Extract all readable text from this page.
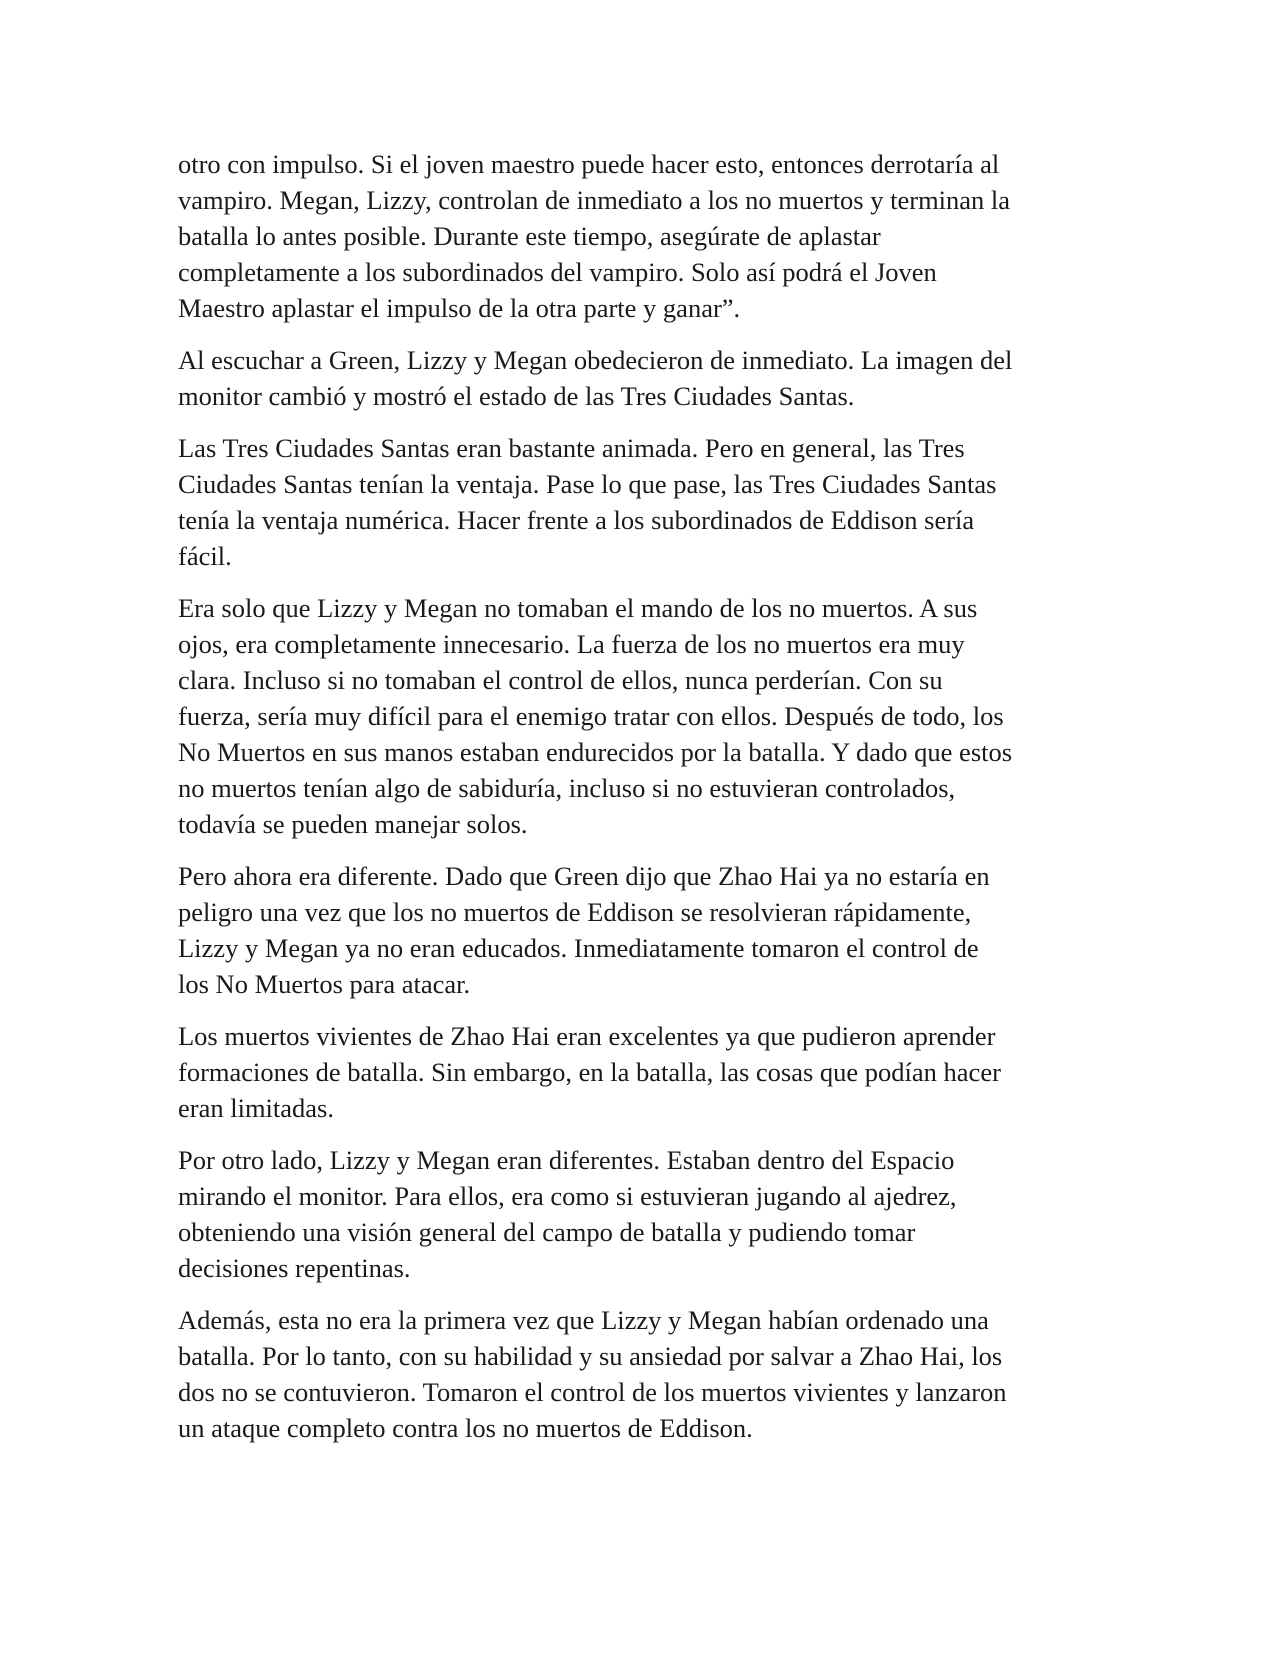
otro con impulso. Si el joven maestro puede hacer esto, entonces derrotaría al
vampiro. Megan, Lizzy, controlan de inmediato a los no muertos y terminan la
batalla lo antes posible. Durante este tiempo, asegúrate de aplastar
completamente a los subordinados del vampiro. Solo así podrá el Joven
Maestro aplastar el impulso de la otra parte y ganar”.

Al escuchar a Green, Lizzy y Megan obedecieron de inmediato. La imagen del
monitor cambió y mostró el estado de las Tres Ciudades Santas.

Las Tres Ciudades Santas eran bastante animada. Pero en general, las Tres
Ciudades Santas tenían la ventaja. Pase lo que pase, las Tres Ciudades Santas
tenía la ventaja numérica. Hacer frente a los subordinados de Eddison sería
fácil.

Era solo que Lizzy y Megan no tomaban el mando de los no muertos. A sus
ojos, era completamente innecesario. La fuerza de los no muertos era muy
clara. Incluso si no tomaban el control de ellos, nunca perderían. Con su
fuerza, sería muy difícil para el enemigo tratar con ellos. Después de todo, los
No Muertos en sus manos estaban endurecidos por la batalla. Y dado que estos
no muertos tenían algo de sabiduría, incluso si no estuvieran controlados,
todavía se pueden manejar solos.

Pero ahora era diferente. Dado que Green dijo que Zhao Hai ya no estaría en
peligro una vez que los no muertos de Eddison se resolvieran rápidamente,
Lizzy y Megan ya no eran educados. Inmediatamente tomaron el control de
los No Muertos para atacar.

Los muertos vivientes de Zhao Hai eran excelentes ya que pudieron aprender
formaciones de batalla. Sin embargo, en la batalla, las cosas que podían hacer
eran limitadas.

Por otro lado, Lizzy y Megan eran diferentes. Estaban dentro del Espacio
mirando el monitor. Para ellos, era como si estuvieran jugando al ajedrez,
obteniendo una visión general del campo de batalla y pudiendo tomar
decisiones repentinas.

Además, esta no era la primera vez que Lizzy y Megan habían ordenado una
batalla. Por lo tanto, con su habilidad y su ansiedad por salvar a Zhao Hai, los
dos no se contuvieron. Tomaron el control de los muertos vivientes y lanzaron
un ataque completo contra los no muertos de Eddison.
